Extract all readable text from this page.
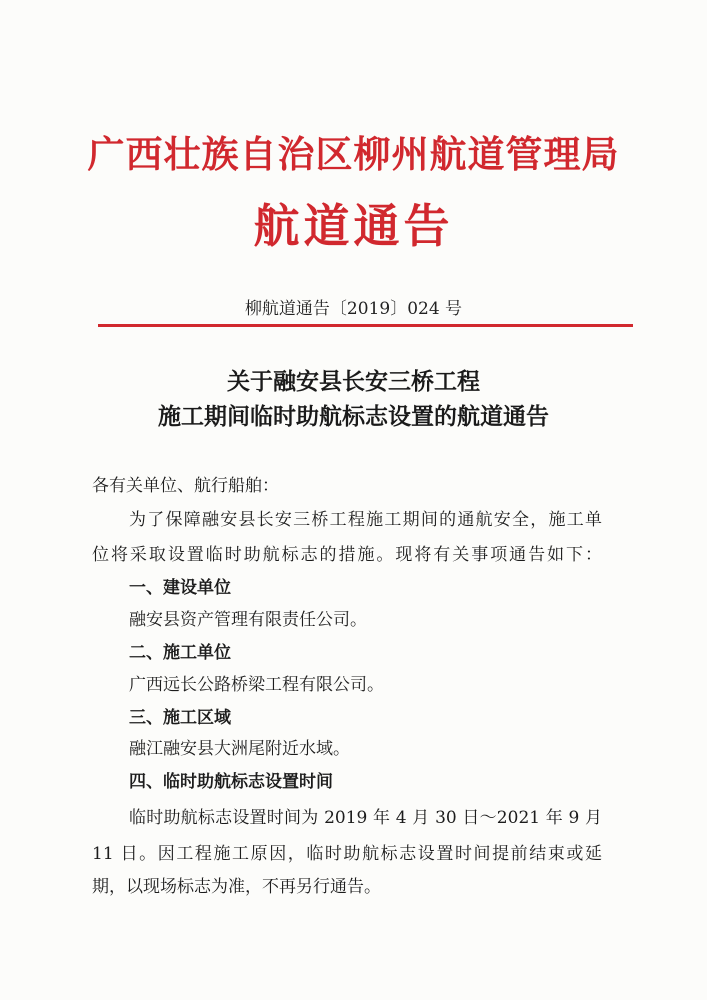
广西壮族自治区柳州航道管理局
航道通告
柳航道通告〔2019〕024 号
关于融安县长安三桥工程
施工期间临时助航标志设置的航道通告
各有关单位、航行船舶：
为了保障融安县长安三桥工程施工期间的通航安全，施工单
位将采取设置临时助航标志的措施。现将有关事项通告如下：
一、建设单位
融安县资产管理有限责任公司。
二、施工单位
广西远长公路桥梁工程有限公司。
三、施工区域
融江融安县大洲尾附近水域。
四、临时助航标志设置时间
临时助航标志设置时间为 2019 年 4 月 30 日～2021 年 9 月
11 日。因工程施工原因，临时助航标志设置时间提前结束或延
期，以现场标志为准，不再另行通告。
